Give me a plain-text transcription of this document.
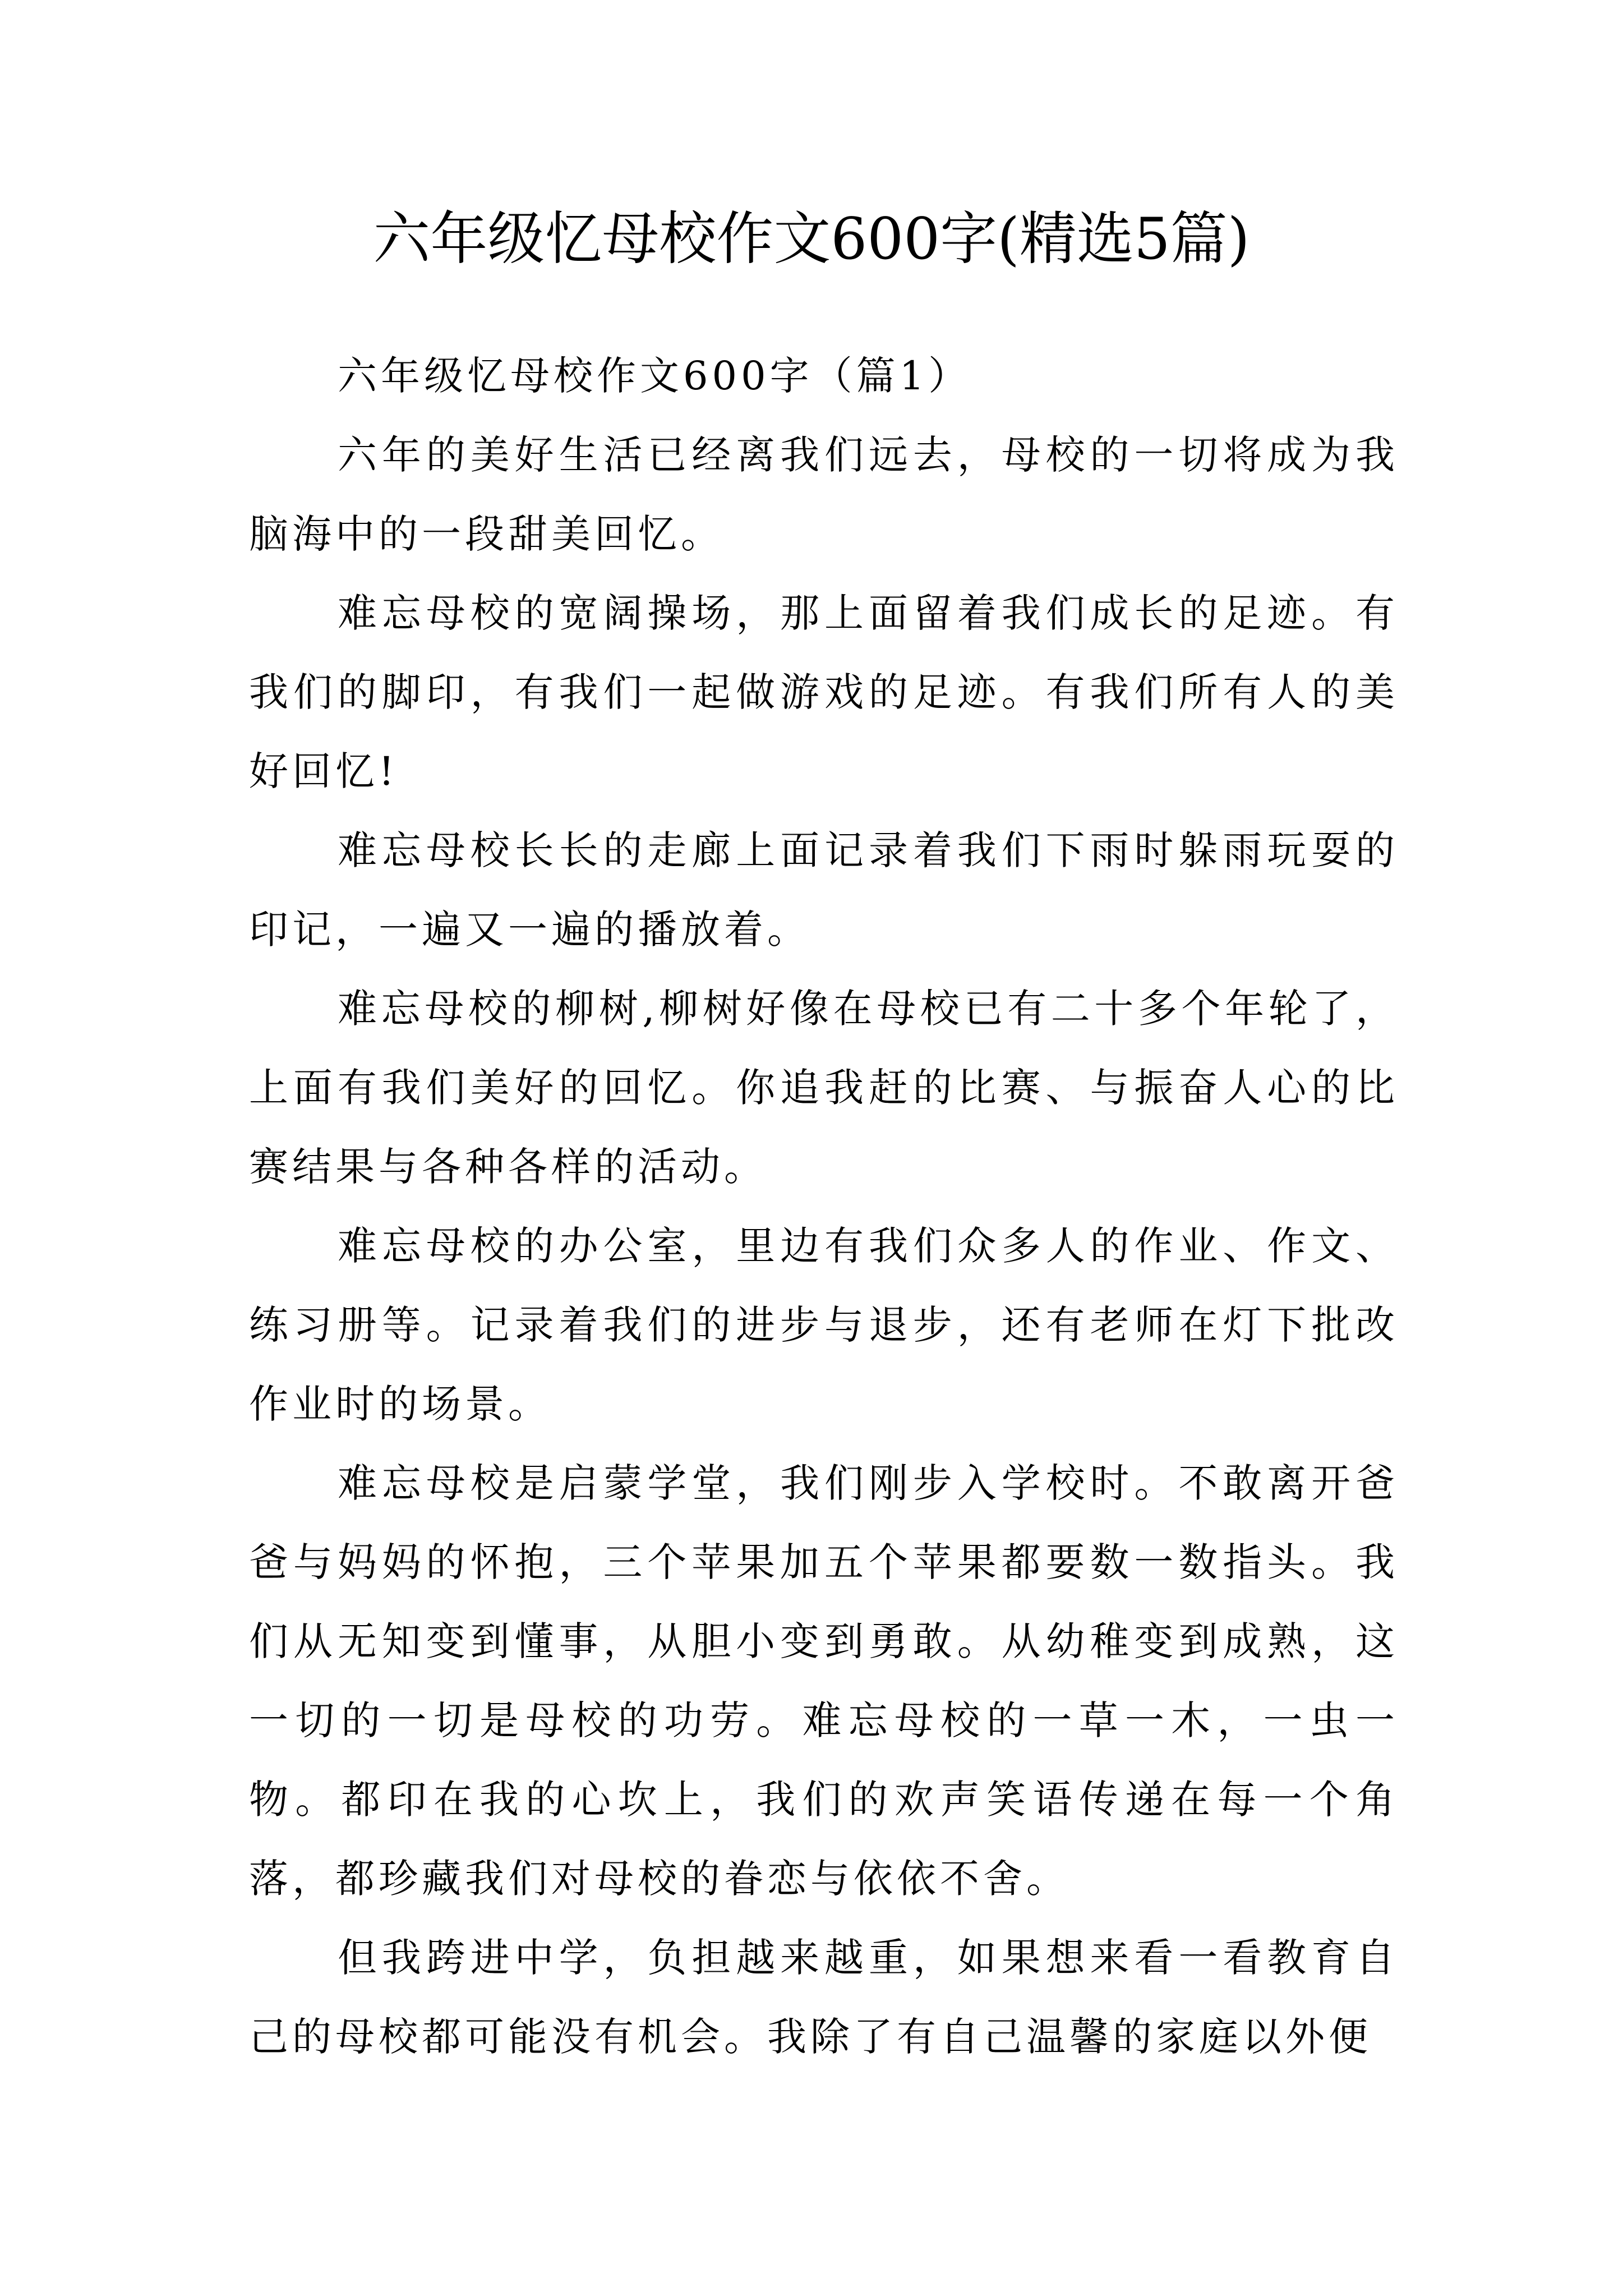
六年级忆母校作文600字(精选5篇)
六年级忆母校作文600字（篇1）

六年的美好生活已经离我们远去，母校的一切将成为我脑海中的一段甜美回忆。

难忘母校的宽阔操场，那上面留着我们成长的足迹。有我们的脚印，有我们一起做游戏的足迹。有我们所有人的美好回忆!

难忘母校长长的走廊上面记录着我们下雨时躲雨玩耍的印记，一遍又一遍的播放着。

难忘母校的柳树,柳树好像在母校已有二十多个年轮了，上面有我们美好的回忆。你追我赶的比赛、与振奋人心的比赛结果与各种各样的活动。

难忘母校的办公室，里边有我们众多人的作业、作文、练习册等。记录着我们的进步与退步，还有老师在灯下批改作业时的场景。

难忘母校是启蒙学堂，我们刚步入学校时。不敢离开爸爸与妈妈的怀抱，三个苹果加五个苹果都要数一数指头。我们从无知变到懂事，从胆小变到勇敢。从幼稚变到成熟，这一切的一切是母校的功劳。难忘母校的一草一木，一虫一物。都印在我的心坎上，我们的欢声笑语传递在每一个角落，都珍藏我们对母校的眷恋与依依不舍。

但我跨进中学，负担越来越重，如果想来看一看教育自己的母校都可能没有机会。我除了有自己温馨的家庭以外便
